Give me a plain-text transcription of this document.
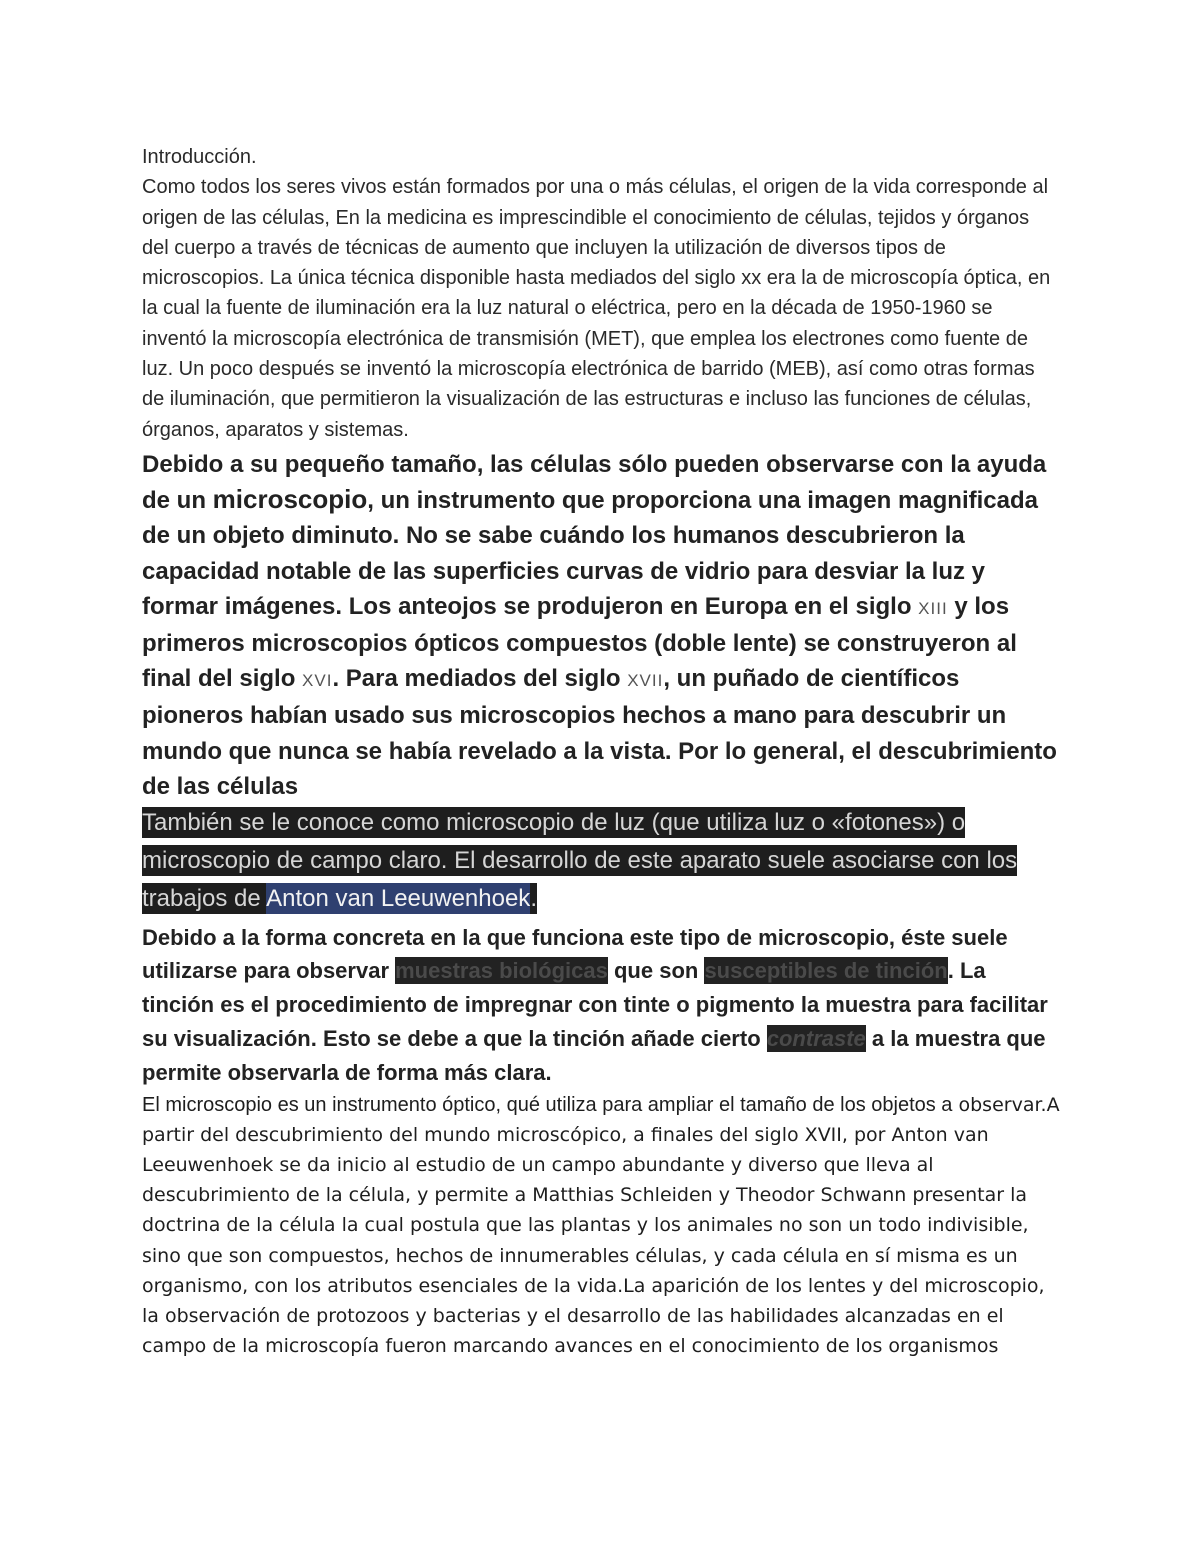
Introducción.
Como todos los seres vivos están formados por una o más células, el origen de la vida corresponde al origen de las células, En la medicina es imprescindible el conocimiento de células, tejidos y órganos del cuerpo a través de técnicas de aumento que incluyen la utilización de diversos tipos de microscopios. La única técnica disponible hasta mediados del siglo xx era la de microscopía óptica, en la cual la fuente de iluminación era la luz natural o eléctrica, pero en la década de 1950-1960 se inventó la microscopía electrónica de transmisión (MET), que emplea los electrones como fuente de luz. Un poco después se inventó la microscopía electrónica de barrido (MEB), así como otras formas de iluminación, que permitieron la visualización de las estructuras e incluso las funciones de células, órganos, aparatos y sistemas.

Debido a su pequeño tamaño, las células sólo pueden observarse con la ayuda de un microscopio, un instrumento que proporciona una imagen magnificada de un objeto diminuto. No se sabe cuándo los humanos descubrieron la capacidad notable de las superficies curvas de vidrio para desviar la luz y formar imágenes. Los anteojos se produjeron en Europa en el siglo XIII y los primeros microscopios ópticos compuestos (doble lente) se construyeron al final del siglo XVI. Para mediados del siglo XVII, un puñado de científicos pioneros habían usado sus microscopios hechos a mano para descubrir un mundo que nunca se había revelado a la vista. Por lo general, el descubrimiento de las células

También se le conoce como microscopio de luz (que utiliza luz o «fotones») o microscopio de campo claro. El desarrollo de este aparato suele asociarse con los trabajos de Anton van Leeuwenhoek.

Debido a la forma concreta en la que funciona este tipo de microscopio, éste suele utilizarse para observar muestras biológicas que son susceptibles de tinción. La tinción es el procedimiento de impregnar con tinte o pigmento la muestra para facilitar su visualización. Esto se debe a que la tinción añade cierto contraste a la muestra que permite observarla de forma más clara.

El microscopio es un instrumento óptico, qué utiliza para ampliar el tamaño de los objetos a observar.A partir del descubrimiento del mundo microscópico, a finales del siglo XVII, por Anton van Leeuwenhoek se da inicio al estudio de un campo abundante y diverso que lleva al descubrimiento de la célula, y permite a Matthias Schleiden y Theodor Schwann presentar la doctrina de la célula la cual postula que las plantas y los animales no son un todo indivisible, sino que son compuestos, hechos de innumerables células, y cada célula en sí misma es un organismo, con los atributos esenciales de la vida.La aparición de los lentes y del microscopio, la observación de protozoos y bacterias y el desarrollo de las habilidades alcanzadas en el campo de la microscopía fueron marcando avances en el conocimiento de los organismos
